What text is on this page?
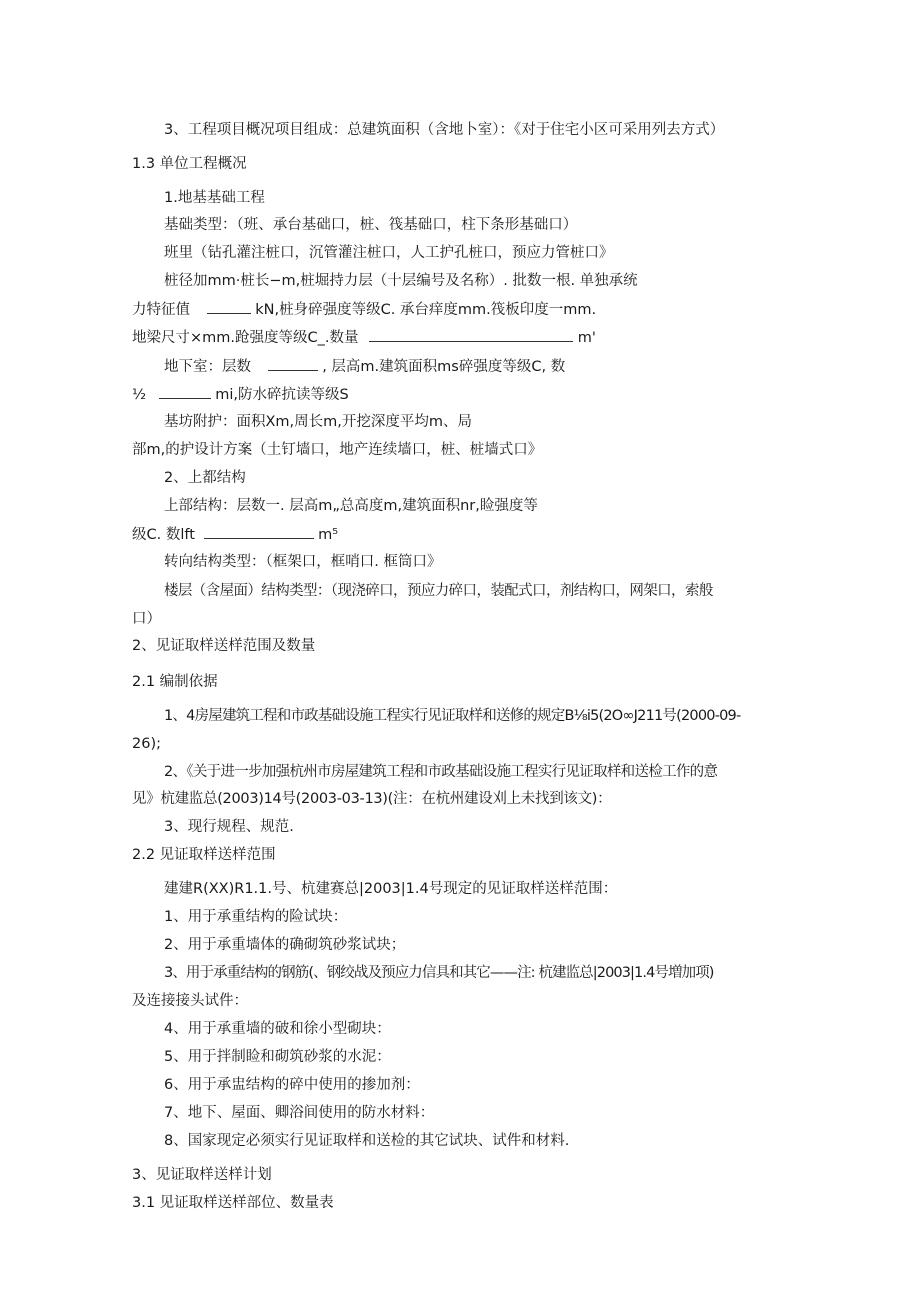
3、工程项目概况项目组成：总建筑面积（含地卜室）：《对于住宅小区可采用列去方式）
1.3 单位工程概况
1.地基基础工程
基础类型：（班、承台基础口，桩、筏基础口，柱下条形基础口）
班里（钻孔灌注桩口，沉管灌注桩口，人工护孔桩口，预应力管桩口》
桩径加mm·桩长−m,桩堀持力层（十层编号及名称）. 批数一根. 单独承统
力特征值	kN,桩身碎强度等级C. 承台痒度mm.筏板印度一mm.
地梁尺寸×mm.跄强度等级C_.数量	m'
地下室：层数	, 层高m.建筑面积ms碎强度等级C, 数
½	mi,防水碎抗读等级S
基坊附护：面积Xm,周长m,开挖深度平均m、局
部m,的护设计方案（土钉墙口，地产连续墙口，桩、桩墙式口》
2、上都结构
上部结构：层数一. 层高m„总高度m,建筑面积nr,睑强度等
级C. 数lft	m⁵
转向结构类型：（框架口，框哨口. 框筒口》
楼层（含屋面）结构类型：（现浇碎口，预应力碎口，装配式口，剂结构口，网架口，索般
口）
2、见证取样送样范围及数量
2.1 编制依据
1、4房屋建筑工程和市政基础设施工程实行见证取样和送修的规定B⅛i5(2O∞J211号(2000-09-
26);
2、《关于进一步加强杭州市房屋建筑工程和市政基础设施工程实行见证取样和送检工作的意
见》杭建监总(2003)14号(2003-03-13)(注：在杭州建设刈上未找到该文)：
3、现行规程、规范.
2.2 见证取样送样范围
建建R(XX)R1.1.号、杭建赛总|2003|1.4号现定的见证取样送样范围：
1、用于承重结构的险试块：
2、用于承重墙体的确砌筑砂浆试块；
3、用于承重结构的钢筋(、钢绞战及预应力信具和其它——注: 杭建监总|2003|1.4号増加项)
及连接接头试件：
4、用于承重墙的破和徐小型砌块：
5、用于拌制睑和砌筑砂浆的水泥：
6、用于承盅结构的碎中使用的掺加剂：
7、地下、屋面、卿浴间使用的防水材料：
8、国家现定必须实行见证取样和送检的其它试块、试件和材料.
3、见证取样送样计划
3.1 见证取样送样部位、数量表
